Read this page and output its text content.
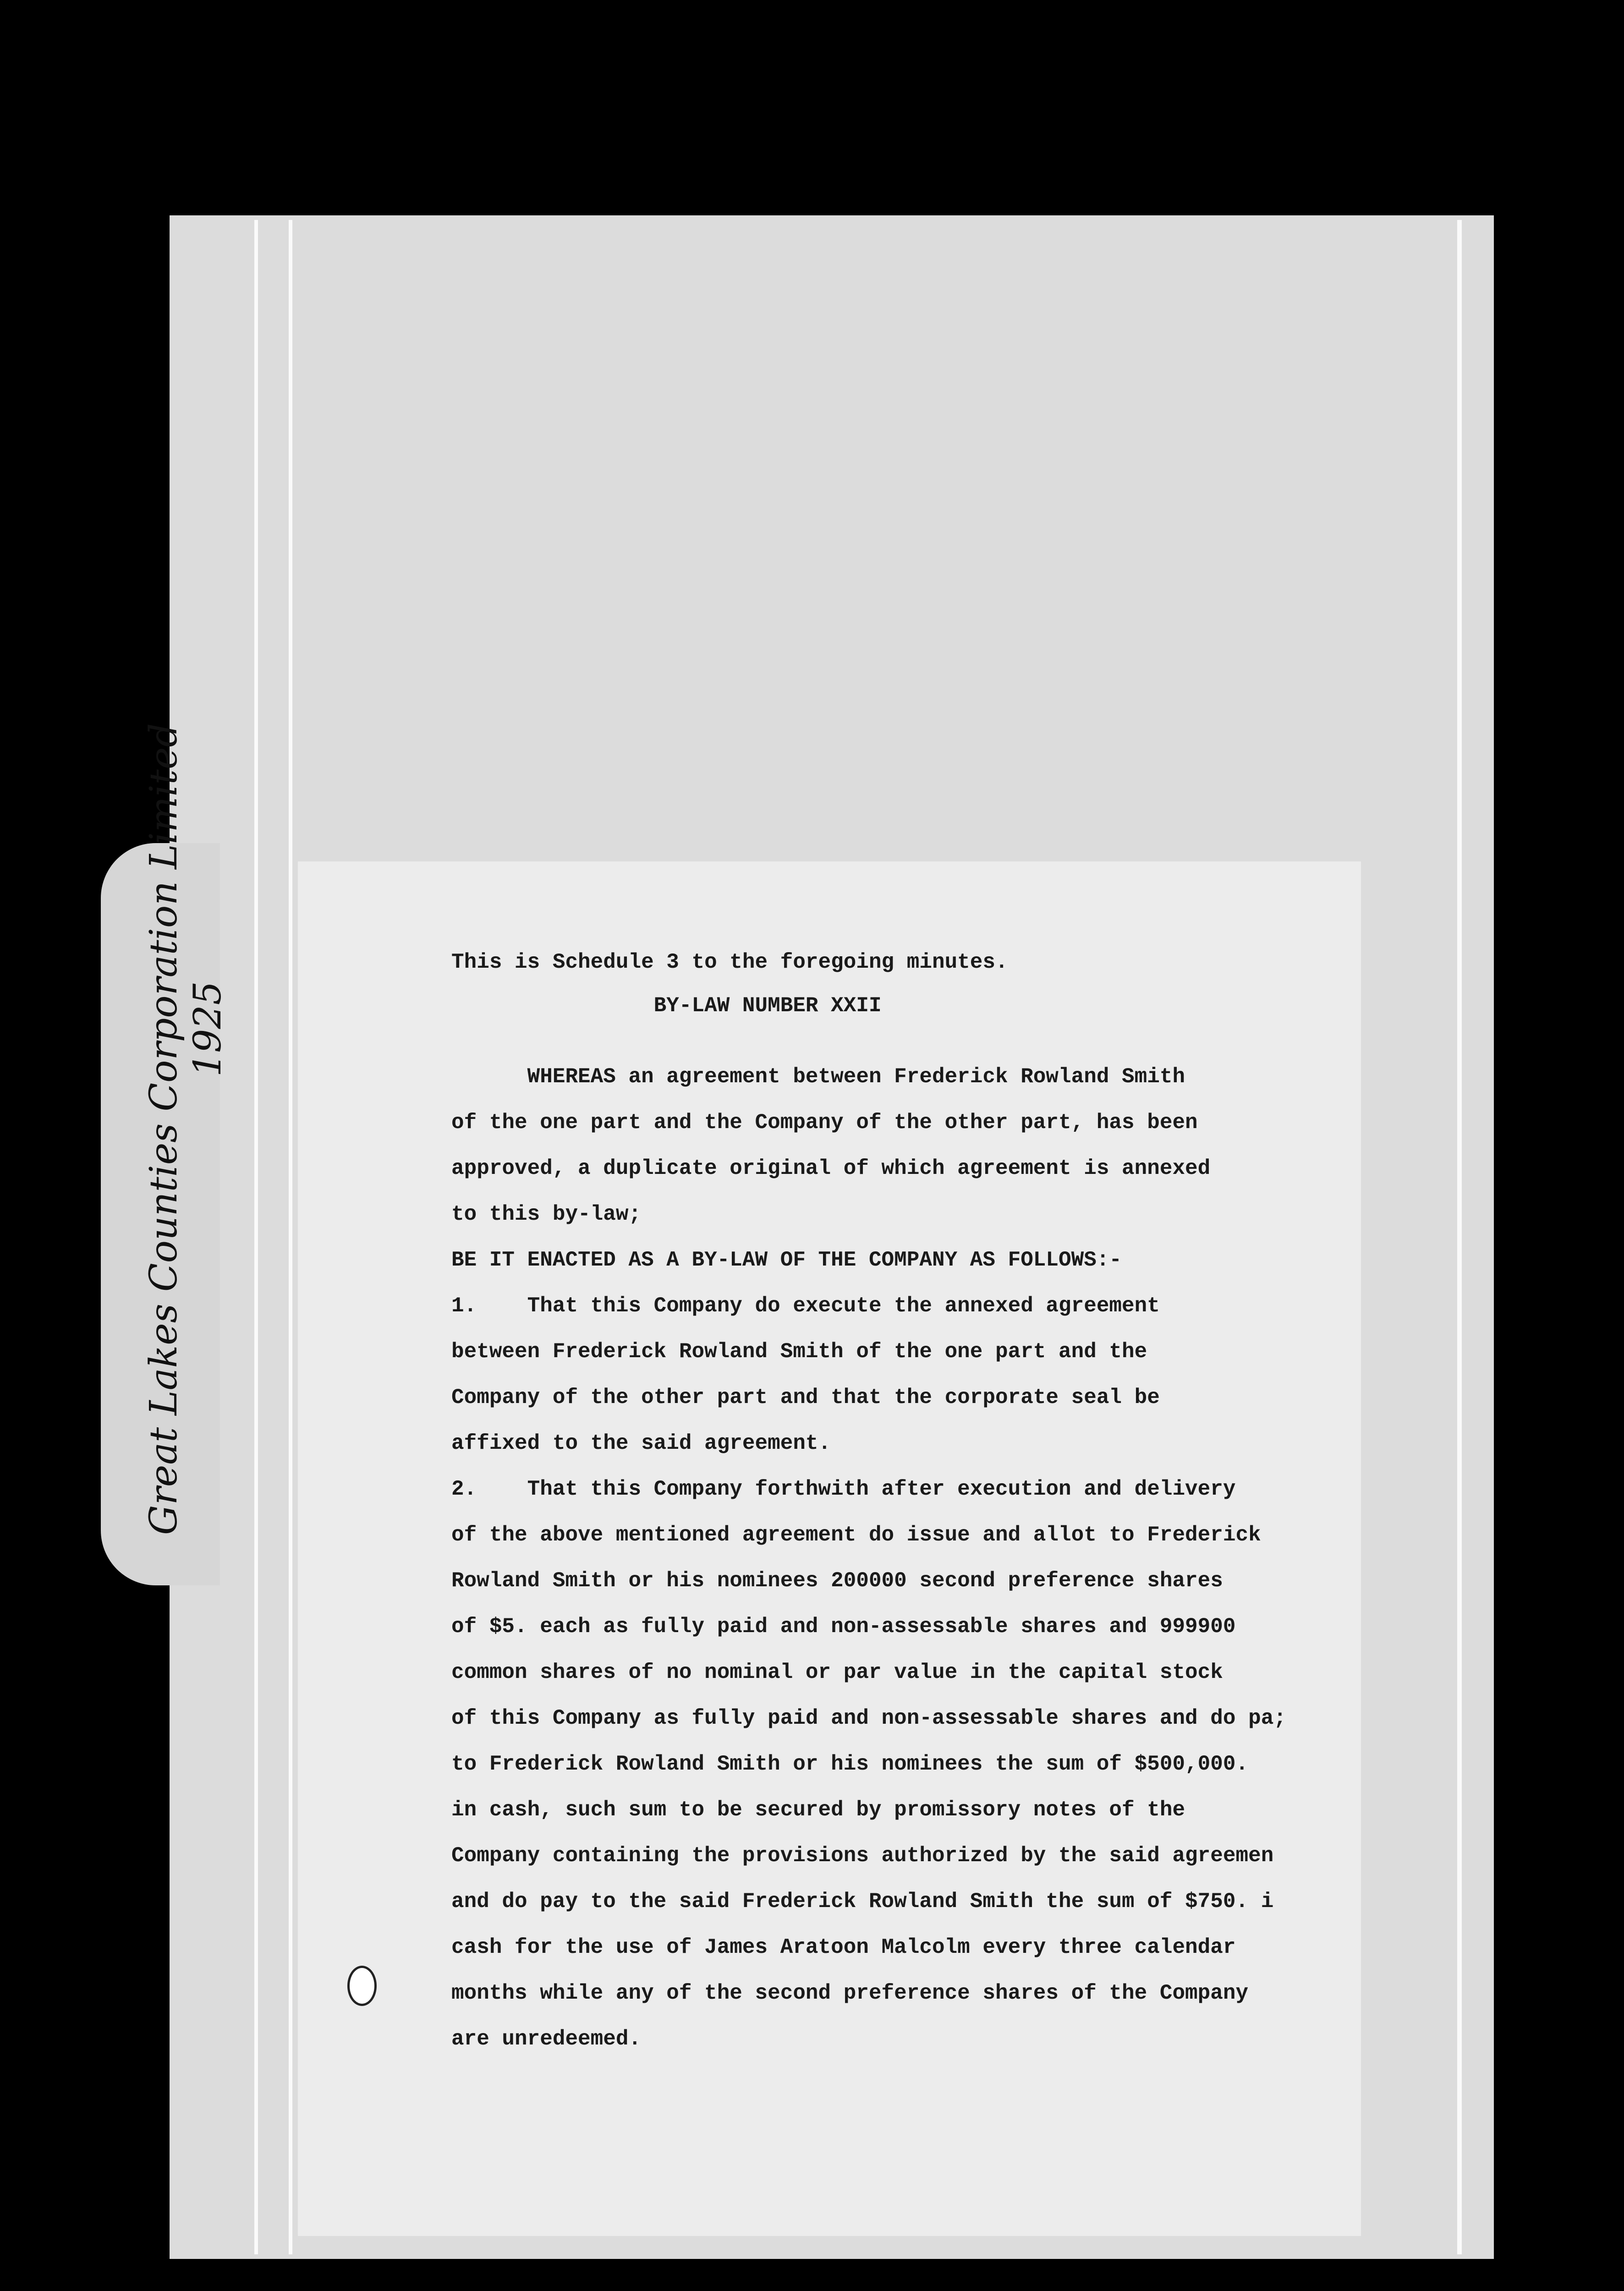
Great Lakes Counties Corporation Limited 1925
This is Schedule 3 to the foregoing minutes.
BY-LAW NUMBER XXII
WHEREAS an agreement between Frederick Rowland Smith
of the one part and the Company of the other part, has been
approved, a duplicate original of which agreement is annexed
to this by-law;
BE IT ENACTED AS A BY-LAW OF THE COMPANY AS FOLLOWS:-
1.    That this Company do execute the annexed agreement
between Frederick Rowland Smith of the one part and the
Company of the other part and that the corporate seal be
affixed to the said agreement.
2.    That this Company forthwith after execution and delivery
of the above mentioned agreement do issue and allot to Frederick
Rowland Smith or his nominees 200000 second preference shares
of $5. each as fully paid and non-assessable shares and 999900
common shares of no nominal or par value in the capital stock
of this Company as fully paid and non-assessable shares and do pa;
to Frederick Rowland Smith or his nominees the sum of $500,000.
in cash, such sum to be secured by promissory notes of the
Company containing the provisions authorized by the said agreemen
and do pay to the said Frederick Rowland Smith the sum of $750. i
cash for the use of James Aratoon Malcolm every three calendar
months while any of the second preference shares of the Company
are unredeemed.
